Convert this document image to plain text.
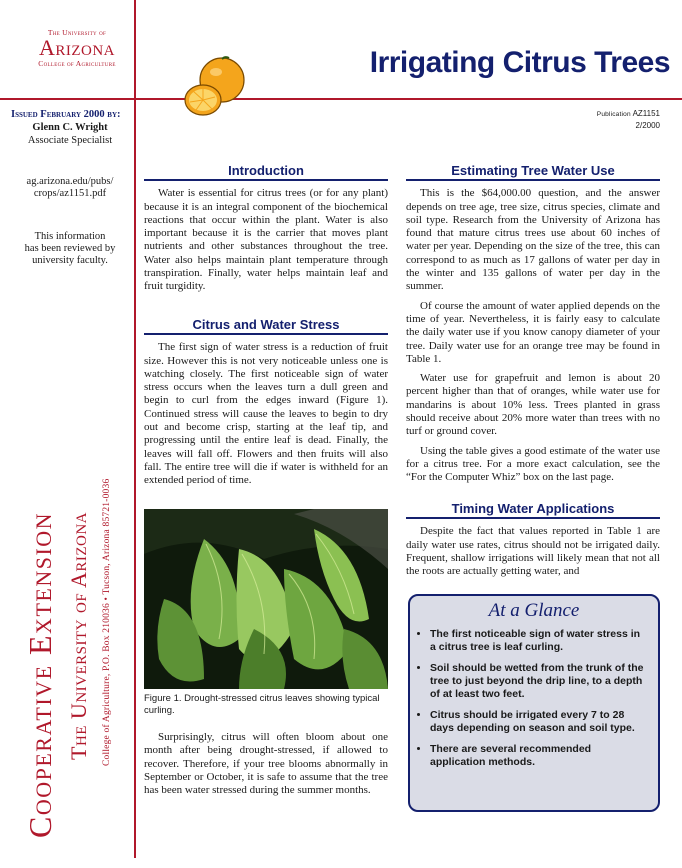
The University of
Arizona
College of Agriculture	Irrigating Citrus Trees
Publication AZ1151
2/2000
Issued February 2000 by:
Glenn C. Wright
Associate Specialist
ag.arizona.edu/pubs/
crops/az1151.pdf
This information
has been reviewed by
university faculty.
Cooperative Extension The University of Arizona College of Agriculture, P.O. Box 210036 • Tucson, Arizona 85721-0036
Introduction

Water is essential for citrus trees (or for any plant) because it is an integral component of the biochemical reactions that occur within the plant. Water is also important because it is the carrier that moves plant nutrients and other substances throughout the tree. Water also helps maintain plant temperature through transpiration. Finally, water helps maintain leaf and fruit turgidity.

Citrus and Water Stress

The first sign of water stress is a reduction of fruit size. However this is not very noticeable unless one is watching closely. The first noticeable sign of water stress occurs when the leaves turn a dull green and begin to curl from the edges inward (Figure 1). Continued stress will cause the leaves to begin to dry out and become crisp, starting at the leaf tip, and progressing until the entire leaf is dead. Finally, the leaves will fall off. Flowers and then fruits will also fall. The entire tree will die if water is withheld for an extended period of time.

Figure 1. Drought-stressed citrus leaves showing typical curling.

Surprisingly, citrus will often bloom about one month after being drought-stressed, if allowed to recover. Therefore, if your tree blooms abnormally in September or October, it is safe to assume that the tree has been water stressed during the summer months.

Estimating Tree Water Use

This is the $64,000.00 question, and the answer depends on tree age, tree size, citrus species, climate and soil type. Research from the University of Arizona has found that mature citrus trees use about 60 inches of water per year. Depending on the size of the tree, this can correspond to as much as 17 gallons of water per day in the winter and 135 gallons of water per day in the summer.

Of course the amount of water applied depends on the time of year. Nevertheless, it is fairly easy to calculate the daily water use if you know canopy diameter of your tree. Daily water use for an orange tree may be found in Table 1.

Water use for grapefruit and lemon is about 20 percent higher than that of oranges, while water use for mandarins is about 10% less. Trees planted in grass should receive about 20% more water than trees with no turf or ground cover.

Using the table gives a good estimate of the water use for a citrus tree. For a more exact calculation, see the “For the Computer Whiz” box on the last page.

Timing Water Applications

Despite the fact that values reported in Table 1 are daily water use rates, citrus should not be irrigated daily. Frequent, shallow irrigations will likely mean that not all the roots are actually getting water, and

At a Glance
• The first noticeable sign of water stress in a citrus tree is leaf curling.
• Soil should be wetted from the trunk of the tree to just beyond the drip line, to a depth of at least two feet.
• Citrus should be irrigated every 7 to 28 days depending on season and soil type.
• There are several recommended application methods.
